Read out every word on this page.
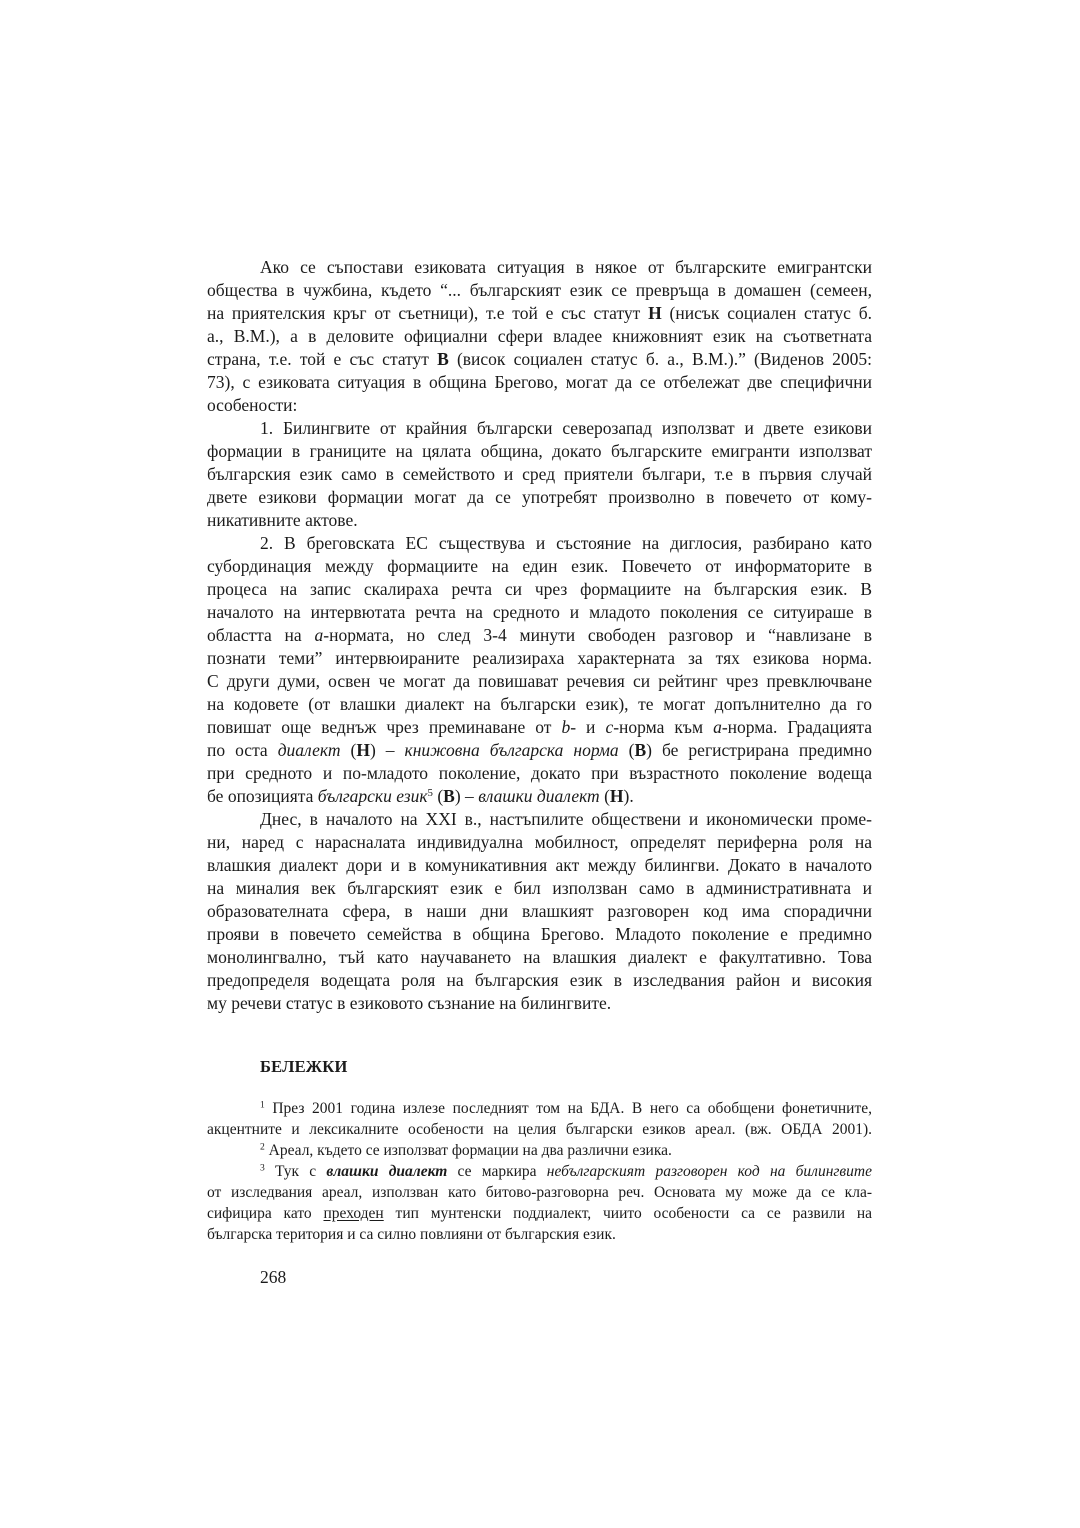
Ако се съпостави езиковата ситуация в някое от българските емигрантски
общества в чужбина, където “... българският език се превръща в домашен (семеен,
на приятелския кръг от съетници), т.е той е със статут Н (нисък социален статус б.
а., В.М.), а в деловите официални сфери владее книжовният език на съответната
страна, т.е. той е със статут В (висок социален статус б. а., В.М.).” (Виденов 2005:
73), с езиковата ситуация в община Брегово, могат да се отбележат две специфични
особености:
1. Билингвите от крайния български северозапад използват и двете езикови
формации в границите на цялата община, докато българските емигранти използват
българския език само в семейството и сред приятели българи, т.е в първия случай
двете езикови формации могат да се употребят произволно в повечето от кому-
никативните актове.
2. В бреговската ЕС съществува и състояние на диглосия, разбирано като
субординация между формациите на един език. Повечето от информаторите в
процеса на запис скалираха речта си чрез формациите на българския език. В
началото на интервютата речта на средното и младото поколения се ситуираше в
областта на а-нормата, но след 3-4 минути свободен разговор и “навлизане в
познати теми” интервюираните реализираха характерната за тях езикова норма.
С други думи, освен че могат да повишават речевия си рейтинг чрез превключване
на кодовете (от влашки диалект на български език), те могат допълнително да го
повишат още веднъж чрез преминаване от b- и c-норма към a-норма. Градацията
по оста диалект (Н) – книжовна българска норма (В) бе регистрирана предимно
при средното и по-младото поколение, докато при възрастното поколение водеща
бе опозицията български език$^5$ (В) – влашки диалект (Н).
Днес, в началото на XXI в., настъпилите обществени и икономически проме-
ни, наред с нарасналата индивидуална мобилност, определят периферна роля на
влашкия диалект дори и в комуникативния акт между билингви. Докато в началото
на миналия век българският език е бил използван само в административната и
образователната сфера, в наши дни влашкият разговорен код има спорадични
прояви в повечето семейства в община Брегово. Младото поколение е предимно
монолингвално, тъй като научаването на влашкия диалект е факултативно. Това
предопределя водещата роля на българския език в изследвания район и високия
му речеви статус в езиковото съзнание на билингвите.
БЕЛЕЖКИ
$^1$ През 2001 година излезе последният том на БДА. В него са обобщени фонетичните,
акцентните и лексикалните особености на целия български езиков ареал. (вж. ОБДА 2001).
$^2$ Ареал, където се използват формации на два различни езика.
$^3$ Тук с влашки диалект се маркира небългарският разговорен код на билингвите
от изследвания ареал, използван като битово-разговорна реч. Основата му може да се кла-
сифицира като преходен тип мунтенски поддиалект, чиито особености са се развили на
българска територия и са силно повлияни от българския език.
268
